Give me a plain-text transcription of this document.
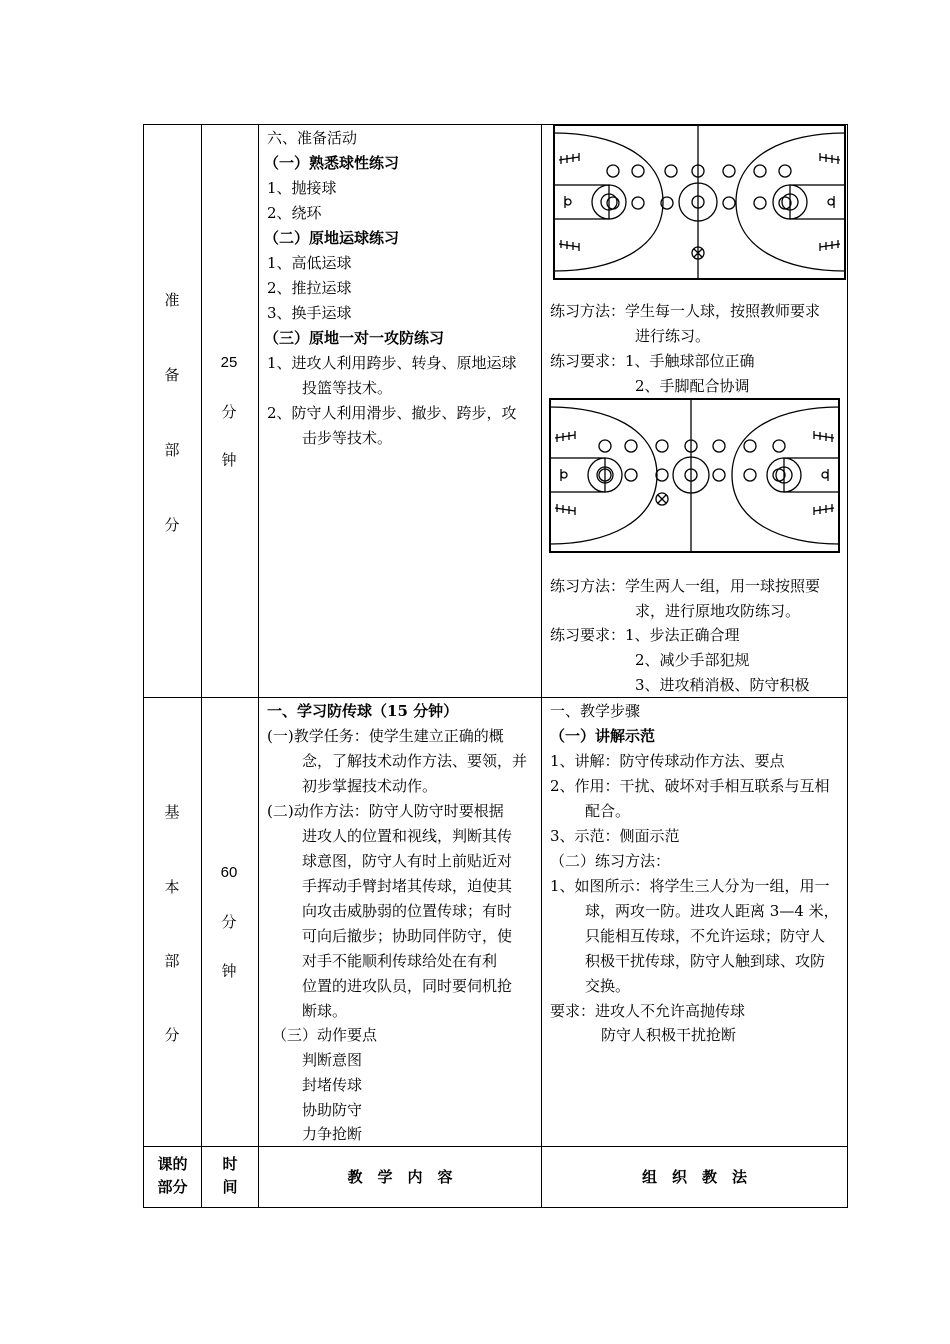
准
备
部
分
25
分
钟
六、准备活动
（一）熟悉球性练习
1、抛接球
2、绕环
（二）原地运球练习
1、高低运球
2、推拉运球
3、换手运球
（三）原地一对一攻防练习
1、进攻人利用跨步、转身、原地运球
投篮等技术。
2、防守人利用滑步、撤步、跨步，攻
击步等技术。
练习方法：学生每一人球，按照教师要求
进行练习。
练习要求：1、手触球部位正确
2、手脚配合协调
练习方法：学生两人一组，用一球按照要
求，进行原地攻防练习。
练习要求：1、步法正确合理
2、减少手部犯规
3、进攻稍消极、防守积极
基
本
部
分
60
分
钟
一、学习防传球（15 分钟）
(一)教学任务：使学生建立正确的概
念，了解技术动作方法、要领，并
初步掌握技术动作。
(二)动作方法：防守人防守时要根据
进攻人的位置和视线，判断其传
球意图，防守人有时上前贴近对
手挥动手臂封堵其传球，迫使其
向攻击威胁弱的位置传球；有时
可向后撤步；协助同伴防守，使
对手不能顺利传球给处在有利
位置的进攻队员，同时要伺机抢
断球。
（三）动作要点
判断意图
封堵传球
协助防守
力争抢断
一、教学步骤
（一）讲解示范
1、讲解：防守传球动作方法、要点
2、作用：干扰、破坏对手相互联系与互相
配合。
3、示范：侧面示范
（二）练习方法：
1、如图所示：将学生三人分为一组，用一
球，两攻一防。进攻人距离 3—4 米，
只能相互传球，不允许运球；防守人
积极干扰传球，防守人触到球、攻防
交换。
要求：进攻人不允许高抛传球
防守人积极干扰抢断
课的
部分
时
间
教　学　内　容	组　织　教　法
